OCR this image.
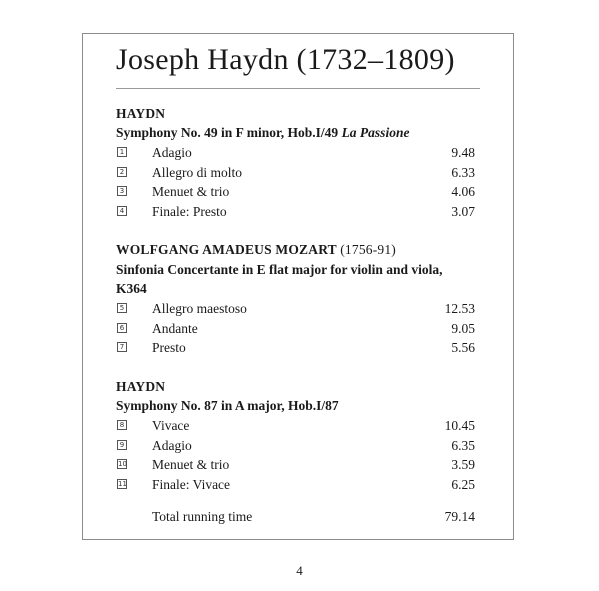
Joseph Haydn (1732–1809)
HAYDN
Symphony No. 49 in F minor, Hob.I/49 La Passione
1 Adagio	9.48
2 Allegro di molto	6.33
3 Menuet & trio	4.06
4 Finale: Presto	3.07
WOLFGANG AMADEUS MOZART (1756-91)
Sinfonia Concertante in E flat major for violin and viola,
K364
5 Allegro maestoso	12.53
6 Andante	9.05
7 Presto	5.56
HAYDN
Symphony No. 87 in A major, Hob.I/87
8 Vivace	10.45
9 Adagio	6.35
10 Menuet & trio	3.59
11 Finale: Vivace	6.25
Total running time	79.14
4
